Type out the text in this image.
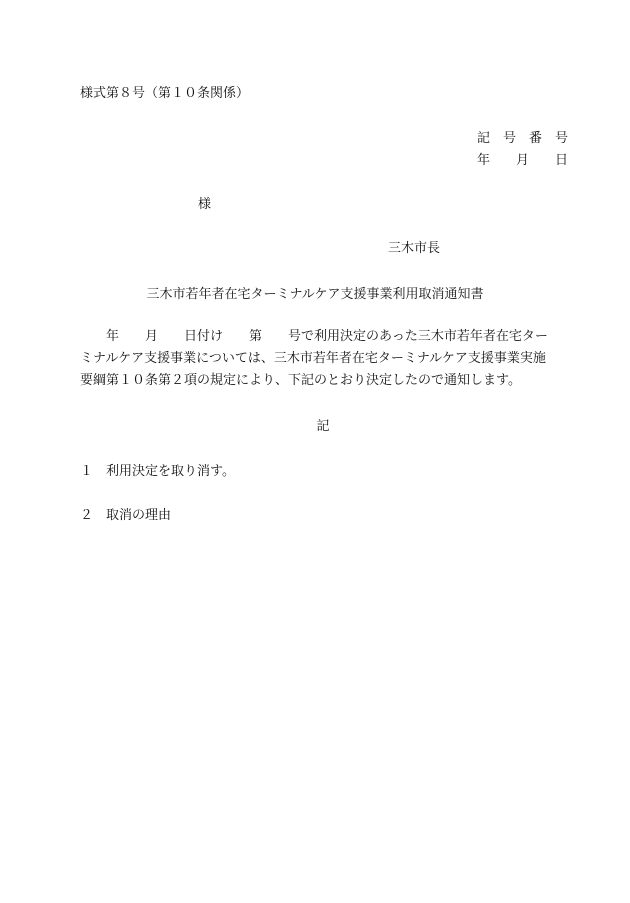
様式第８号（第１０条関係）
記　号　番　号
年　　月　　日
様
三木市長
三木市若年者在宅ターミナルケア支援事業利用取消通知書

　　年　　月　　日付け　　第　　号で利用決定のあった三木市若年者在宅ター

ミナルケア支援事業については、三木市若年者在宅ターミナルケア支援事業実施

要綱第１０条第２項の規定により、下記のとおり決定したので通知します。

記
１ 利用決定を取り消す。
２ 取消の理由
